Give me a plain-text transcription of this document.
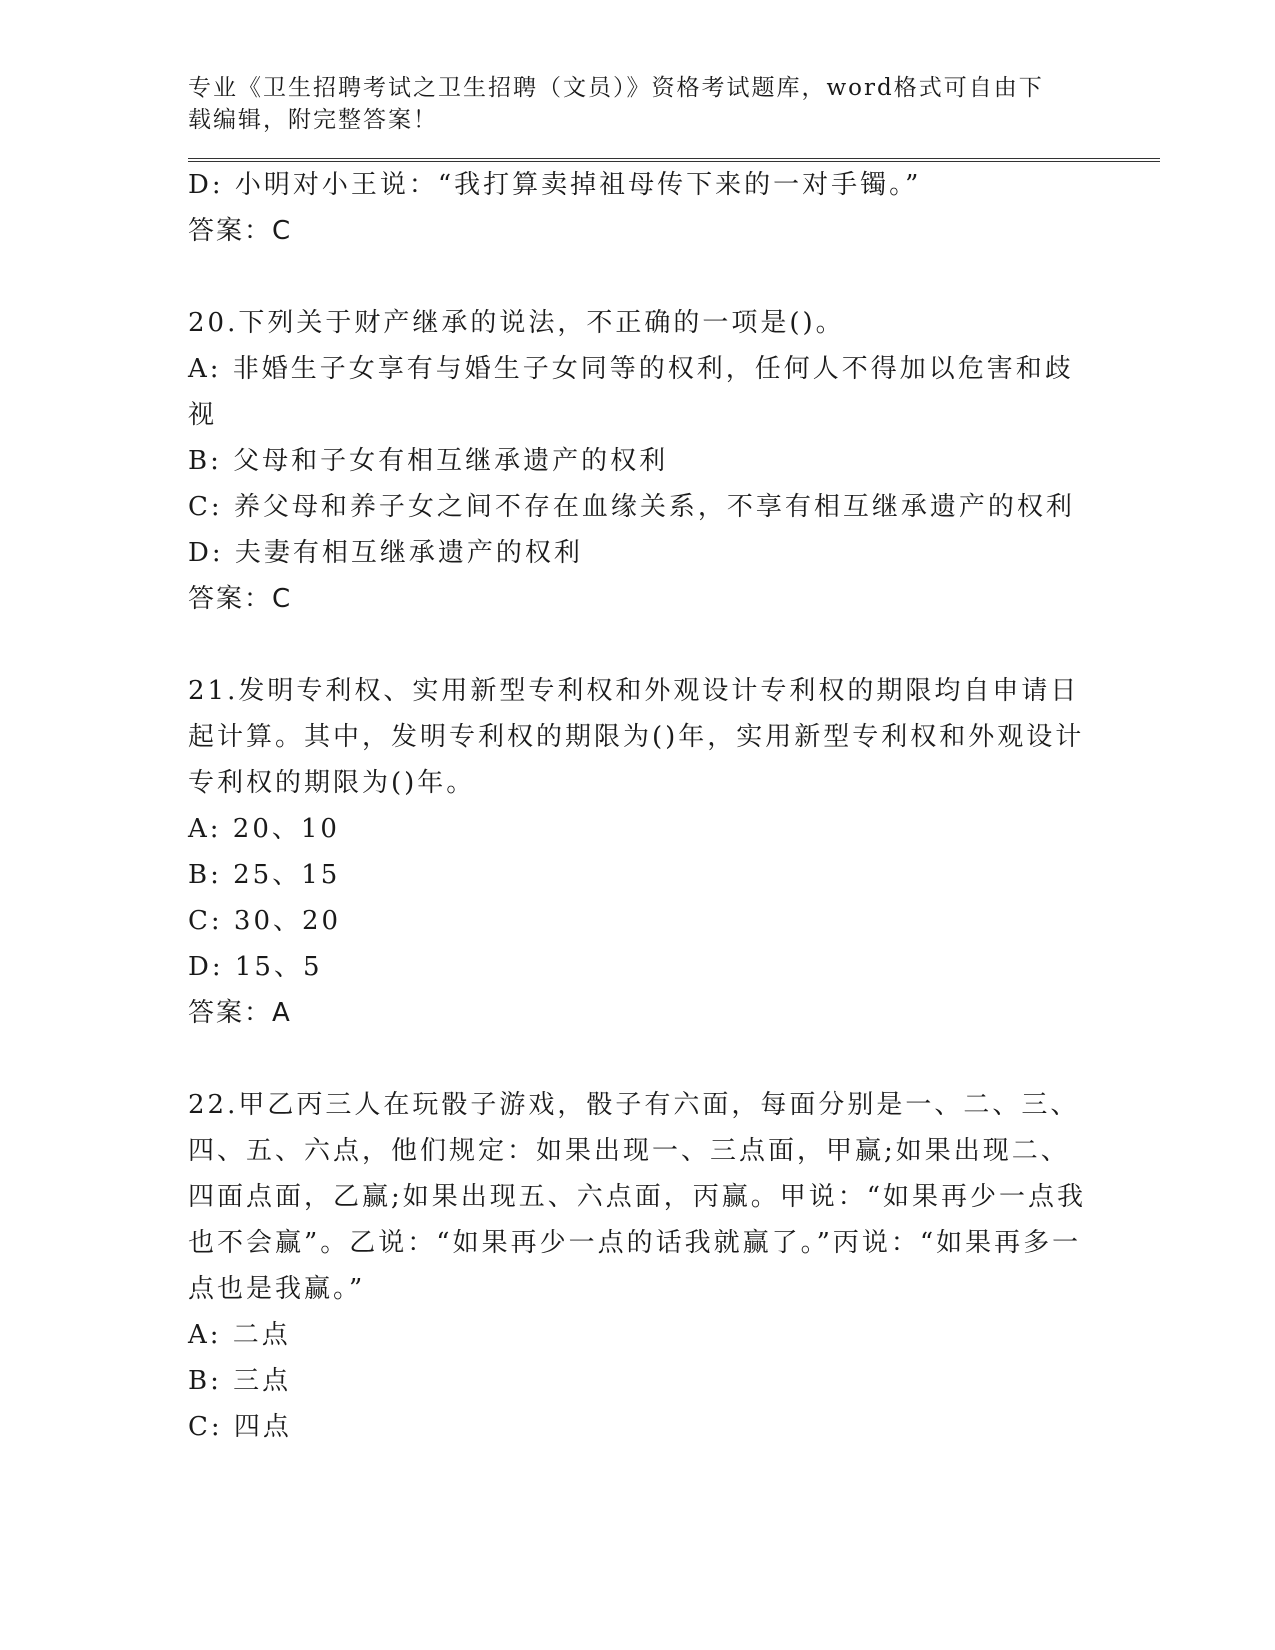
专业《卫生招聘考试之卫生招聘（文员）》资格考试题库，word格式可自由下载编辑，附完整答案！

D: 小明对小王说：“我打算卖掉祖母传下来的一对手镯。”

答案：C

20.下列关于财产继承的说法，不正确的一项是()。

A: 非婚生子女享有与婚生子女同等的权利，任何人不得加以危害和歧视

B: 父母和子女有相互继承遗产的权利

C: 养父母和养子女之间不存在血缘关系，不享有相互继承遗产的权利

D: 夫妻有相互继承遗产的权利

答案：C

21.发明专利权、实用新型专利权和外观设计专利权的期限均自申请日起计算。其中，发明专利权的期限为()年，实用新型专利权和外观设计专利权的期限为()年。

A: 20、10

B: 25、15

C: 30、20

D: 15、5

答案：A

22.甲乙丙三人在玩骰子游戏，骰子有六面，每面分别是一、二、三、四、五、六点，他们规定：如果出现一、三点面，甲赢;如果出现二、四面点面，乙赢;如果出现五、六点面，丙赢。甲说：“如果再少一点我也不会赢”。乙说：“如果再少一点的话我就赢了。”丙说：“如果再多一点也是我赢。”

A: 二点

B: 三点

C: 四点
